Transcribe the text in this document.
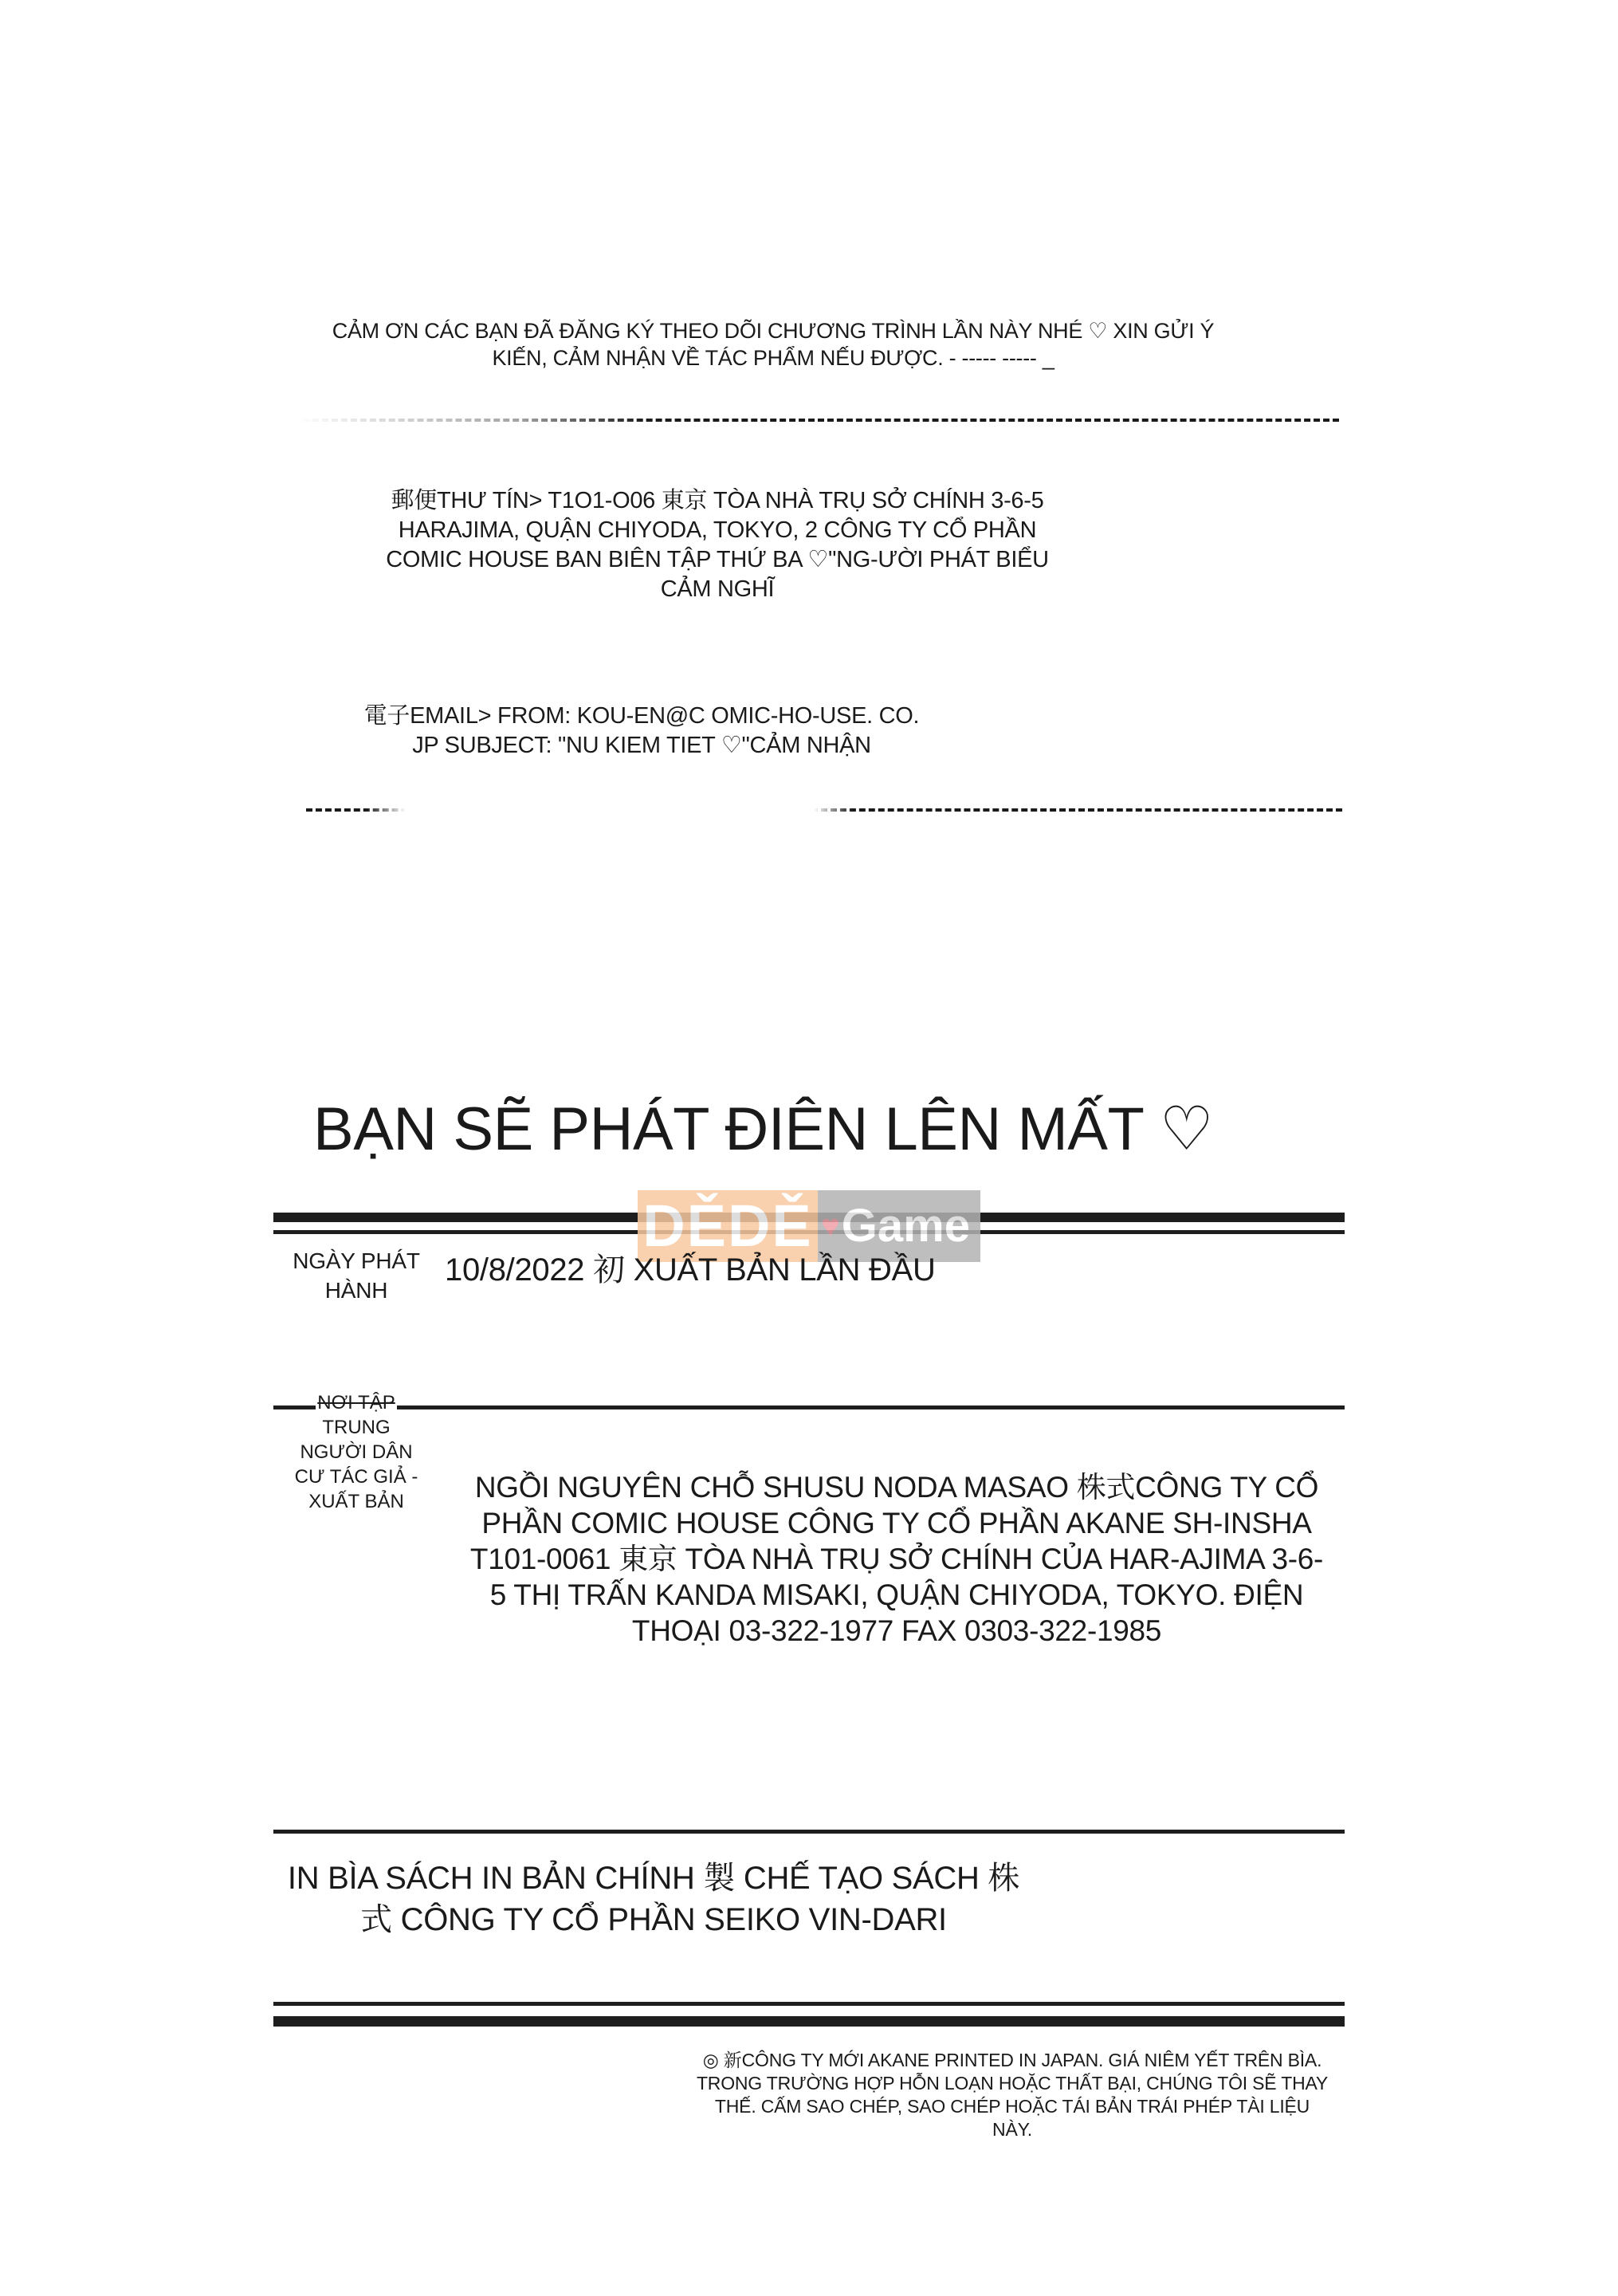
CẢM ƠN CÁC BẠN ĐÃ ĐĂNG KÝ THEO DÕI CHƯƠNG TRÌNH LẦN NÀY NHÉ ♡ XIN GỬI Ý KIẾN, CẢM NHẬN VỀ TÁC PHẨM NẾU ĐƯỢC. - ----- ----- _
郵便THƯ TÍN> T1O1-O06 東京 TÒA NHÀ TRỤ SỞ CHÍNH 3-6-5 HARAJIMA, QUẬN CHIYODA, TOKYO, 2 CÔNG TY CỔ PHẦN COMIC HOUSE BAN BIÊN TẬP THỨ BA ♡"NG-ƯỜI PHÁT BIỂU CẢM NGHĨ
電子EMAIL> FROM: KOU-EN@C OMIC-HO-USE. CO. JP SUBJECT: "NU KIEM TIET ♡"CẢM NHẬN
BẠN SẼ PHÁT ĐIÊN LÊN MẤT ♡
DĚDĚ ♥ Game
NGÀY PHÁT HÀNH
10/8/2022 初 XUẤT BẢN LẦN ĐẦU
NƠI TẬP
TRUNG NGƯỜI DÂN CƯ TÁC GIẢ - XUẤT BẢN	NGỒI NGUYÊN CHỖ SHUSU NODA MASAO 株式CÔNG TY CỔ PHẦN COMIC HOUSE CÔNG TY CỔ PHẦN AKANE SH-INSHA T101-0061 東京 TÒA NHÀ TRỤ SỞ CHÍNH CỦA HAR-AJIMA 3-6-5 THỊ TRẤN KANDA MISAKI, QUẬN CHIYODA, TOKYO. ĐIỆN THOẠI 03-322-1977 FAX 0303-322-1985
IN BÌA SÁCH IN BẢN CHÍNH 製 CHẾ TẠO SÁCH 株式 CÔNG TY CỔ PHẦN SEIKO VIN-DARI
◎ 新CÔNG TY MỚI AKANE PRINTED IN JAPAN. GIÁ NIÊM YẾT TRÊN BÌA. TRONG TRƯỜNG HỢP HỖN LOẠN HOẶC THẤT BẠI, CHÚNG TÔI SẼ THAY THẾ. CẤM SAO CHÉP, SAO CHÉP HOẶC TÁI BẢN TRÁI PHÉP TÀI LIỆU NÀY.
